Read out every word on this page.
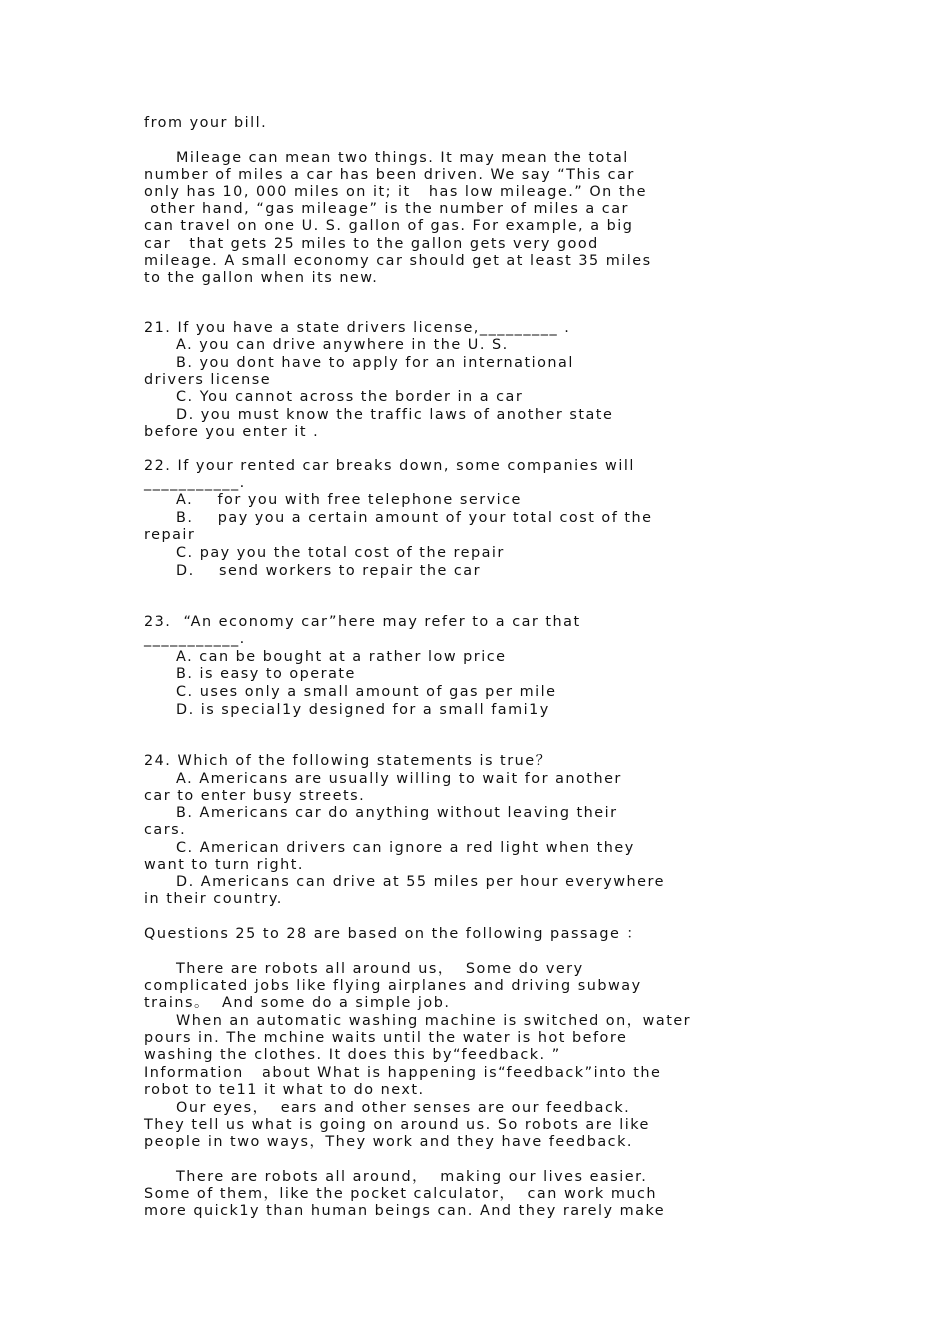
from your bill.

Mileage can mean two things. It may mean the total

number of miles a car has been driven. We say “This car

only has 10, 000 miles on it; it   has low mileage.” On the

other hand, “gas mileage” is the number of miles a car

can travel on one U. S. gallon of gas. For example, a big

car   that gets 25 miles to the gallon gets very good

mileage. A small economy car should get at least 35 miles

to the gallon when its new.

21. If you have a state drivers license,_________ .

A. you can drive anywhere in the U. S.

B. you dont have to apply for an international

drivers license

C. You cannot across the border in a car

D. you must know the traffic laws of another state

before you enter it .

22. If your rented car breaks down, some companies will

___________.

A.    for you with free telephone service

B.    pay you a certain amount of your total cost of the

repair

C. pay you the total cost of the repair

D.    send workers to repair the car

23.  “An economy car”here may refer to a car that

___________.

A. can be bought at a rather low price

B. is easy to operate

C. uses only a small amount of gas per mile

D. is special1y designed for a small fami1y

24. Which of the following statements is true？

A. Americans are usually willing to wait for another

car to enter busy streets.

B. Americans car do anything without leaving their

cars.

C. American drivers can ignore a red light when they

want to turn right.

D. Americans can drive at 55 miles per hour everywhere

in their country.

Questions 25 to 28 are based on the following passage ：

There are robots all around us，  Some do very

complicated jobs like flying airplanes and driving subway

trains。  And some do a simple job.

When an automatic washing machine is switched on，water

pours in. The mchine waits until the water is hot before

washing the clothes. It does this by“feedback. ”

Information   about What is happening is“feedback”into the

robot to te11 it what to do next.

Our eyes，  ears and other senses are our feedback.

They tell us what is going on around us. So robots are like

people in two ways，They work and they have feedback.

There are robots all around，  making our lives easier.

Some of them，like the pocket calculator，  can work much

more quick1y than human beings can. And they rarely make
